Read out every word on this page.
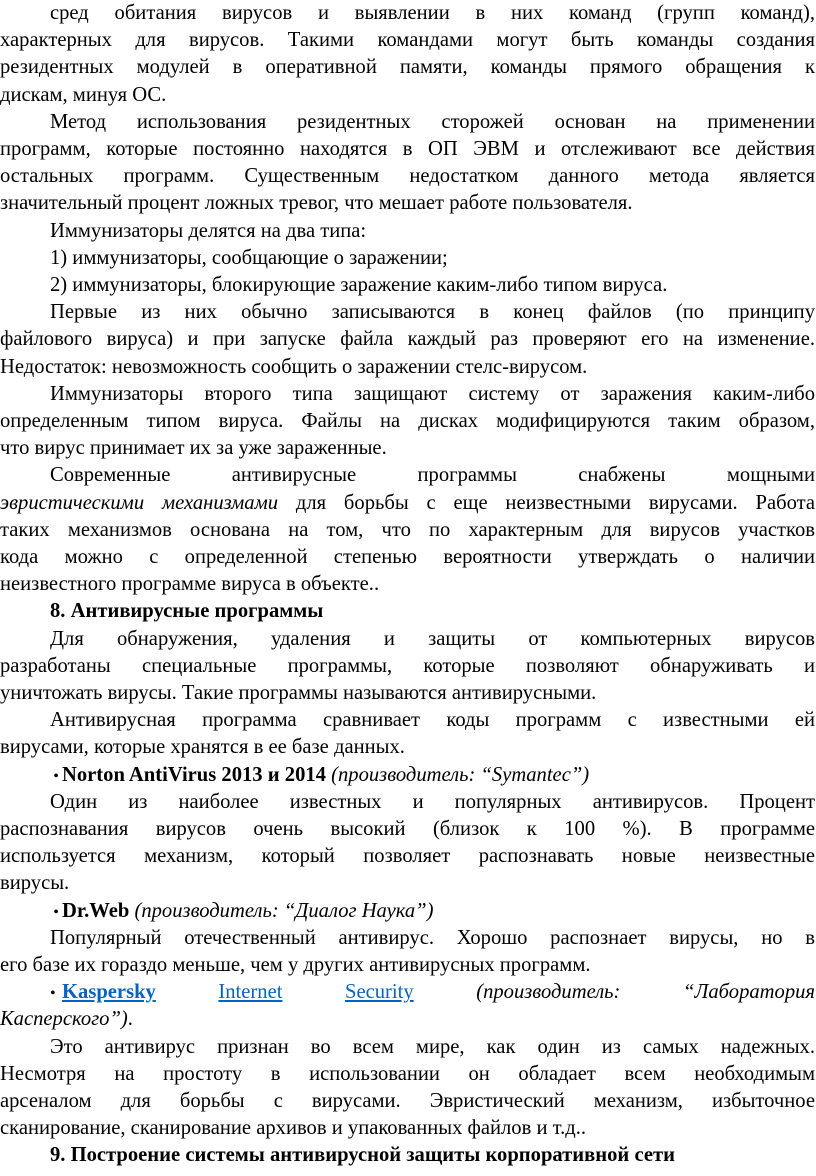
сред обитания вирусов и выявлении в них команд (групп команд),
характерных для вирусов. Такими командами могут быть команды создания
резидентных модулей в оперативной памяти, команды прямого обращения к
дискам, минуя ОС.
Метод использования резидентных сторожей основан на применении
программ, которые постоянно находятся в ОП ЭВМ и отслеживают все действия
остальных программ. Существенным недостатком данного метода является
значительный процент ложных тревог, что мешает работе пользователя.
Иммунизаторы делятся на два типа:
1) иммунизаторы, сообщающие о заражении;
2) иммунизаторы, блокирующие заражение каким-либо типом вируса.
Первые из них обычно записываются в конец файлов (по принципу
файлового вируса) и при запуске файла каждый раз проверяют его на изменение.
Недостаток: невозможность сообщить о заражении стелс-вирусом.
Иммунизаторы второго типа защищают систему от заражения каким-либо
определенным типом вируса. Файлы на дисках модифицируются таким образом,
что вирус принимает их за уже зараженные.
Современные антивирусные программы снабжены мощными
эвристическими механизмами для борьбы с еще неизвестными вирусами. Работа
таких механизмов основана на том, что по характерным для вирусов участков
кода можно с определенной степенью вероятности утверждать о наличии
неизвестного программе вируса в объекте..
8. Антивирусные программы
Для обнаружения, удаления и защиты от компьютерных вирусов
разработаны специальные программы, которые позволяют обнаруживать и
уничтожать вирусы. Такие программы называются антивирусными.
Антивирусная программа сравнивает коды программ с известными ей
вирусами, которые хранятся в ее базе данных.
• Norton AntiVirus 2013 и 2014 (производитель: “Symantec”)
Один из наиболее известных и популярных антивирусов. Процент
распознавания вирусов очень высокий (близок к 100 %). В программе
используется механизм, который позволяет распознавать новые неизвестные
вирусы.
• Dr.Web (производитель: “Диалог Наука”)
Популярный отечественный антивирус. Хорошо распознает вирусы, но в
его базе их гораздо меньше, чем у других антивирусных программ.
• Kaspersky	Internet	Security	(производитель:	“Лаборатория
Касперского”).
Это антивирус признан во всем мире, как один из самых надежных.
Несмотря на простоту в использовании он обладает всем необходимым
арсеналом для борьбы с вирусами. Эвристический механизм, избыточное
сканирование, сканирование архивов и упакованных файлов и т.д..
9. Построение системы антивирусной защиты корпоративной сети
